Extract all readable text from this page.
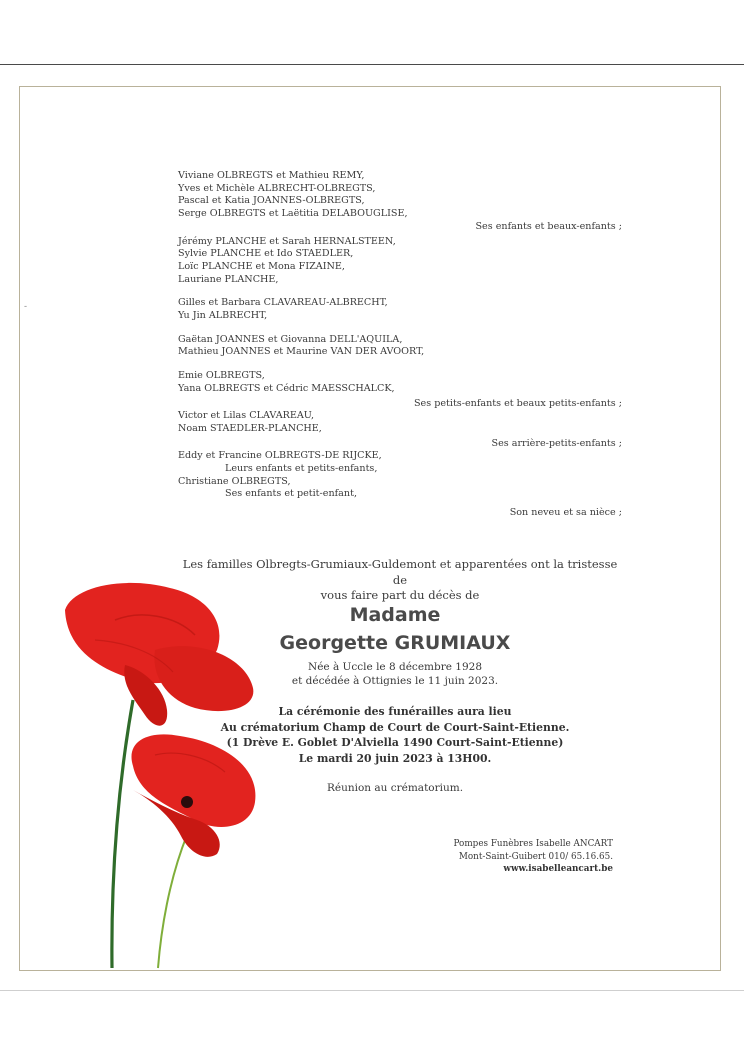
-
Viviane OLBREGTS et Mathieu REMY,
Yves et Michèle ALBRECHT-OLBREGTS,
Pascal et Katia JOANNES-OLBREGTS,
Serge OLBREGTS et Laëtitia DELABOUGLISE,
Ses enfants et beaux-enfants ;
Jérémy PLANCHE et Sarah HERNALSTEEN,
Sylvie PLANCHE et Ido STAEDLER,
Loïc PLANCHE et Mona FIZAINE,
Lauriane PLANCHE,
Gilles et Barbara CLAVAREAU-ALBRECHT,
Yu Jin ALBRECHT,
Gaëtan JOANNES et Giovanna DELL'AQUILA,
Mathieu JOANNES et Maurine VAN DER AVOORT,
Emie OLBREGTS,
Yana OLBREGTS et Cédric MAESSCHALCK,
Ses petits-enfants et beaux petits-enfants ;
Victor et Lilas CLAVAREAU,
Noam STAEDLER-PLANCHE,
Ses arrière-petits-enfants ;
Eddy et Francine OLBREGTS-DE RIJCKE,
Leurs enfants et petits-enfants,
Christiane OLBREGTS,
Ses enfants et petit-enfant,
Son neveu et sa nièce ;
Les familles Olbregts-Grumiaux-Guldemont et apparentées ont la tristesse de
vous faire part du décès de
Madame
Georgette GRUMIAUX
Née à Uccle le 8 décembre 1928
et décédée à Ottignies le 11 juin 2023.
La cérémonie des funérailles aura lieu
Au crématorium Champ de Court de Court-Saint-Etienne.
(1 Drève E. Goblet D'Alviella 1490 Court-Saint-Etienne)
Le mardi 20 juin 2023 à 13H00.
Réunion au crématorium.
Pompes Funèbres Isabelle ANCART
Mont-Saint-Guibert 010/ 65.16.65.
www.isabelleancart.be
